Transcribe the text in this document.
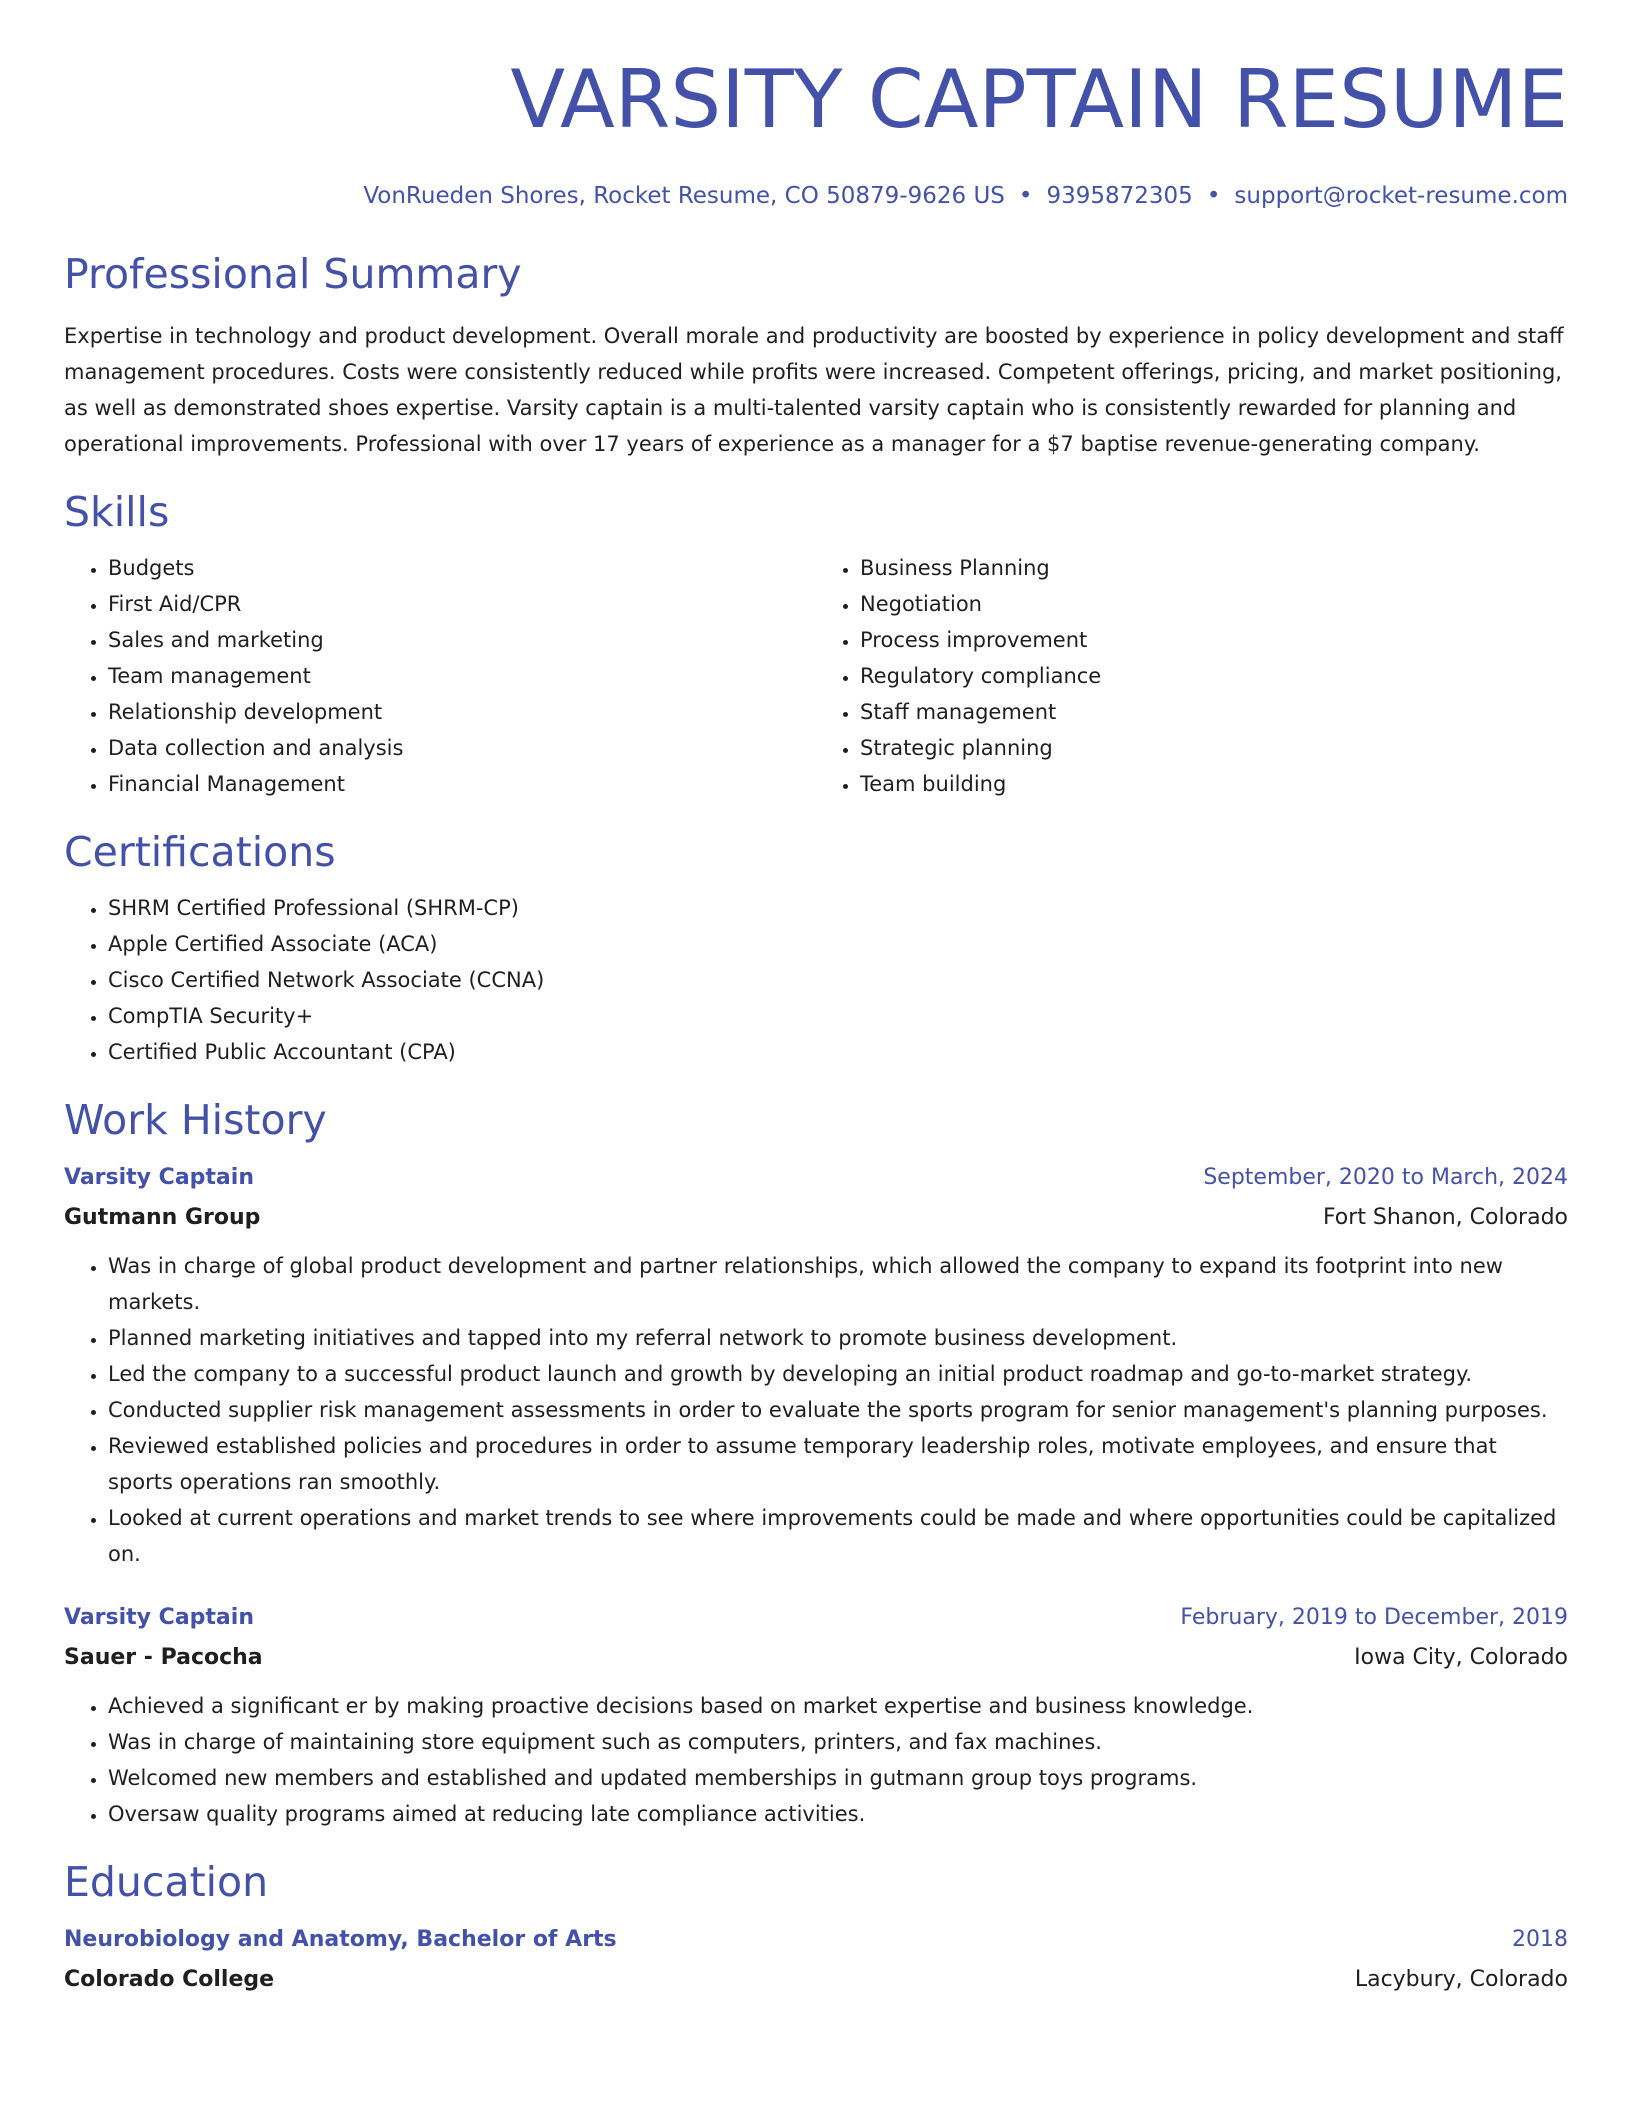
VARSITY CAPTAIN RESUME
VonRueden Shores, Rocket Resume, CO 50879-9626 US • 9395872305 • support@rocket-resume.com
Professional Summary

Expertise in technology and product development. Overall morale and productivity are boosted by experience in policy development and staff management procedures. Costs were consistently reduced while profits were increased. Competent offerings, pricing, and market positioning, as well as demonstrated shoes expertise. Varsity captain is a multi-talented varsity captain who is consistently rewarded for planning and operational improvements. Professional with over 17 years of experience as a manager for a $7 baptise revenue-generating company.

Skills
• Budgets
• First Aid/CPR
• Sales and marketing
• Team management
• Relationship development
• Data collection and analysis
• Financial Management
• Business Planning
• Negotiation
• Process improvement
• Regulatory compliance
• Staff management
• Strategic planning
• Team building
Certifications
• SHRM Certified Professional (SHRM-CP)
• Apple Certified Associate (ACA)
• Cisco Certified Network Associate (CCNA)
• CompTIA Security+
• Certified Public Accountant (CPA)
Work History
Varsity Captain	September, 2020 to March, 2024
Gutmann Group	Fort Shanon, Colorado
• Was in charge of global product development and partner relationships, which allowed the company to expand its footprint into new markets.
• Planned marketing initiatives and tapped into my referral network to promote business development.
• Led the company to a successful product launch and growth by developing an initial product roadmap and go-to-market strategy.
• Conducted supplier risk management assessments in order to evaluate the sports program for senior management's planning purposes.
• Reviewed established policies and procedures in order to assume temporary leadership roles, motivate employees, and ensure that sports operations ran smoothly.
• Looked at current operations and market trends to see where improvements could be made and where opportunities could be capitalized on.
Varsity Captain	February, 2019 to December, 2019
Sauer - Pacocha	Iowa City, Colorado
• Achieved a significant er by making proactive decisions based on market expertise and business knowledge.
• Was in charge of maintaining store equipment such as computers, printers, and fax machines.
• Welcomed new members and established and updated memberships in gutmann group toys programs.
• Oversaw quality programs aimed at reducing late compliance activities.
Education
Neurobiology and Anatomy, Bachelor of Arts	2018
Colorado College	Lacybury, Colorado
